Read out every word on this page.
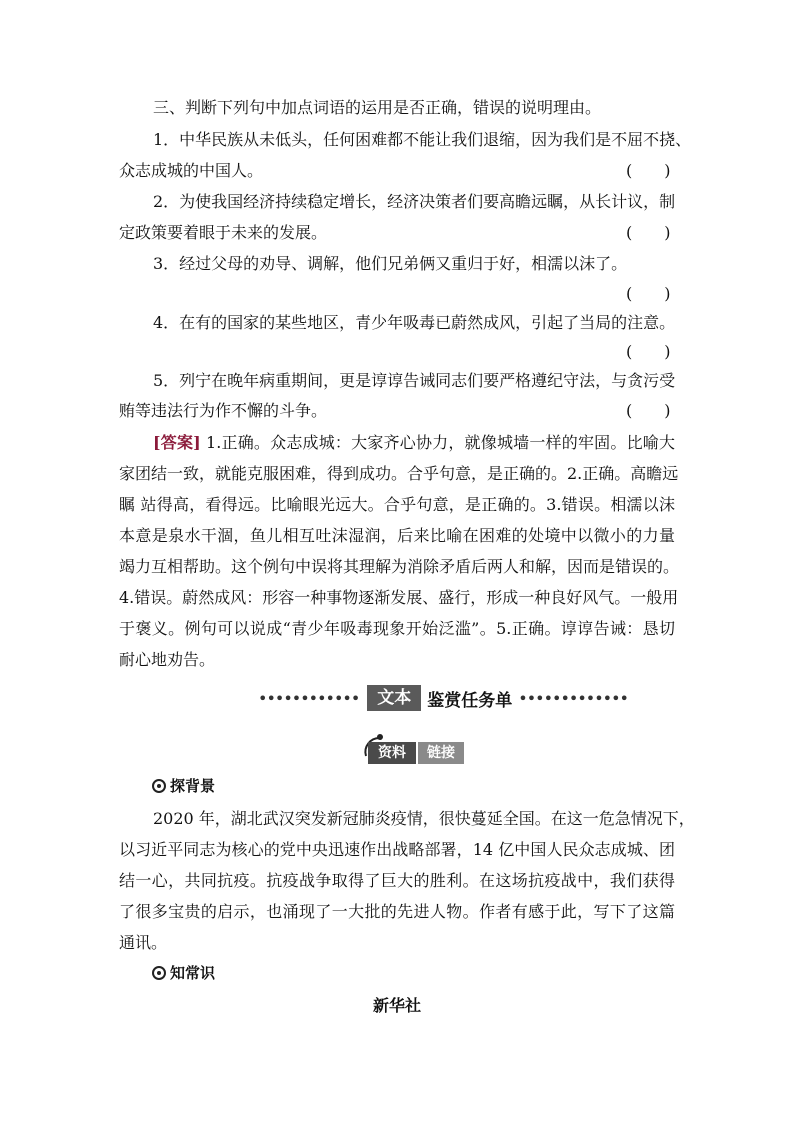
三、判断下列句中加点词语的运用是否正确，错误的说明理由。
1．中华民族从未低头，任何困难都不能让我们退缩，因为我们是不屈不挠、
众志成城的中国人。	(　　)
2．为使我国经济持续稳定增长，经济决策者们要高瞻远瞩，从长计议，制
定政策要着眼于未来的发展。	(　　)
3．经过父母的劝导、调解，他们兄弟俩又重归于好，相濡以沫了。
(　　)
4．在有的国家的某些地区，青少年吸毒已蔚然成风，引起了当局的注意。
(　　)
5．列宁在晚年病重期间，更是谆谆告诫同志们要严格遵纪守法，与贪污受
贿等违法行为作不懈的斗争。	(　　)
[答案] 1.正确。众志成城：大家齐心协力，就像城墙一样的牢固。比喻大
家团结一致，就能克服困难，得到成功。合乎句意，是正确的。2.正确。高瞻远
瞩 站得高，看得远。比喻眼光远大。合乎句意，是正确的。3.错误。相濡以沫
本意是泉水干涸，鱼儿相互吐沫湿润，后来比喻在困难的处境中以微小的力量
竭力互相帮助。这个例句中误将其理解为消除矛盾后两人和解，因而是错误的。
4.错误。蔚然成风：形容一种事物逐渐发展、盛行，形成一种良好风气。一般用
于褒义。例句可以说成“青少年吸毒现象开始泛滥”。5.正确。谆谆告诫：恳切
耐心地劝告。
••••••••••••	文本 鉴赏任务单 •••••••••••••
资料	链接
探背景
2020 年，湖北武汉突发新冠肺炎疫情，很快蔓延全国。在这一危急情况下，
以习近平同志为核心的党中央迅速作出战略部署，14 亿中国人民众志成城、团
结一心，共同抗疫。抗疫战争取得了巨大的胜利。在这场抗疫战中，我们获得
了很多宝贵的启示，也涌现了一大批的先进人物。作者有感于此，写下了这篇
通讯。
知常识
新华社
